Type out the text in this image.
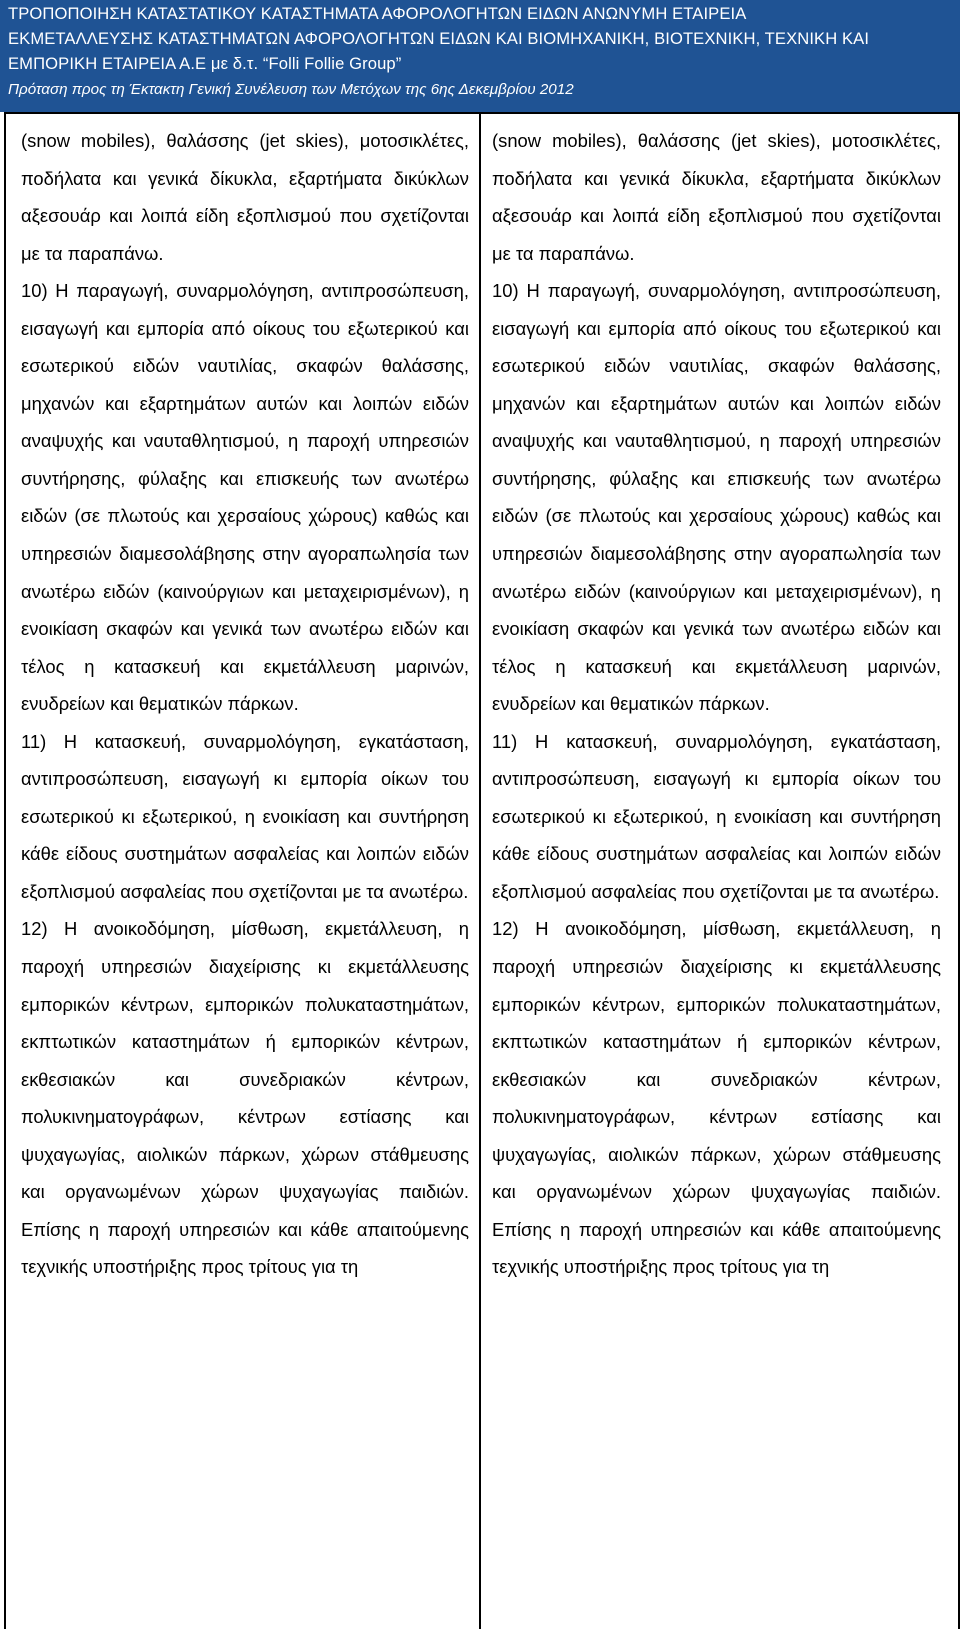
ΤΡΟΠΟΠΟΙΗΣΗ ΚΑΤΑΣΤΑΤΙΚΟΥ ΚΑΤΑΣΤΗΜΑΤΑ ΑΦΟΡΟΛΟΓΗΤΩΝ ΕΙΔΩΝ ΑΝΩΝΥΜΗ ΕΤΑΙΡΕΙΑ
ΕΚΜΕΤΑΛΛΕΥΣΗΣ ΚΑΤΑΣΤΗΜΑΤΩΝ ΑΦΟΡΟΛΟΓΗΤΩΝ ΕΙΔΩΝ ΚΑΙ ΒΙΟΜΗΧΑΝΙΚΗ, ΒΙΟΤΕΧΝΙΚΗ, ΤΕΧΝΙΚΗ ΚΑΙ
ΕΜΠΟΡΙΚΗ ΕΤΑΙΡΕΙΑ Α.Ε με δ.τ. “Folli Follie Group”
Πρόταση προς τη Έκτακτη Γενική Συνέλευση των Μετόχων της 6ης Δεκεμβρίου 2012

(snow mobiles), θαλάσσης (jet skies), μοτοσικλέτες, ποδήλατα και γενικά δίκυκλα, εξαρτήματα δικύκλων αξεσουάρ και λοιπά είδη εξοπλισμού που σχετίζονται με τα παραπάνω.

10) Η παραγωγή, συναρμολόγηση, αντιπροσώπευση, εισαγωγή και εμπορία από οίκους του εξωτερικού και εσωτερικού ειδών ναυτιλίας, σκαφών θαλάσσης, μηχανών και εξαρτημάτων αυτών και λοιπών ειδών αναψυχής και ναυταθλητισμού, η παροχή υπηρεσιών συντήρησης, φύλαξης και επισκευής των ανωτέρω ειδών (σε πλωτούς και χερσαίους χώρους) καθώς και υπηρεσιών διαμεσολάβησης στην αγοραπωλησία των ανωτέρω ειδών (καινούργιων και μεταχειρισμένων), η ενοικίαση σκαφών και γενικά των ανωτέρω ειδών και τέλος η κατασκευή και εκμετάλλευση μαρινών, ενυδρείων και θεματικών πάρκων.

11) Η κατασκευή, συναρμολόγηση, εγκατάσταση, αντιπροσώπευση, εισαγωγή κι εμπορία οίκων του εσωτερικού κι εξωτερικού, η ενοικίαση και συντήρηση κάθε είδους συστημάτων ασφαλείας και λοιπών ειδών εξοπλισμού ασφαλείας που σχετίζονται με τα ανωτέρω.

12) Η ανοικοδόμηση, μίσθωση, εκμετάλλευση, η παροχή υπηρεσιών διαχείρισης κι εκμετάλλευσης εμπορικών κέντρων, εμπορικών πολυκαταστημάτων, εκπτωτικών καταστημάτων ή εμπορικών κέντρων, εκθεσιακών και συνεδριακών κέντρων, πολυκινηματογράφων, κέντρων εστίασης και ψυχαγωγίας, αιολικών πάρκων, χώρων στάθμευσης και οργανωμένων χώρων ψυχαγωγίας παιδιών. Επίσης η παροχή υπηρεσιών και κάθε απαιτούμενης τεχνικής υποστήριξης προς τρίτους για τη

(snow mobiles), θαλάσσης (jet skies), μοτοσικλέτες, ποδήλατα και γενικά δίκυκλα, εξαρτήματα δικύκλων αξεσουάρ και λοιπά είδη εξοπλισμού που σχετίζονται με τα παραπάνω.

10) Η παραγωγή, συναρμολόγηση, αντιπροσώπευση, εισαγωγή και εμπορία από οίκους του εξωτερικού και εσωτερικού ειδών ναυτιλίας, σκαφών θαλάσσης, μηχανών και εξαρτημάτων αυτών και λοιπών ειδών αναψυχής και ναυταθλητισμού, η παροχή υπηρεσιών συντήρησης, φύλαξης και επισκευής των ανωτέρω ειδών (σε πλωτούς και χερσαίους χώρους) καθώς και υπηρεσιών διαμεσολάβησης στην αγοραπωλησία των ανωτέρω ειδών (καινούργιων και μεταχειρισμένων), η ενοικίαση σκαφών και γενικά των ανωτέρω ειδών και τέλος η κατασκευή και εκμετάλλευση μαρινών, ενυδρείων και θεματικών πάρκων.

11) Η κατασκευή, συναρμολόγηση, εγκατάσταση, αντιπροσώπευση, εισαγωγή κι εμπορία οίκων του εσωτερικού κι εξωτερικού, η ενοικίαση και συντήρηση κάθε είδους συστημάτων ασφαλείας και λοιπών ειδών εξοπλισμού ασφαλείας που σχετίζονται με τα ανωτέρω.

12) Η ανοικοδόμηση, μίσθωση, εκμετάλλευση, η παροχή υπηρεσιών διαχείρισης κι εκμετάλλευσης εμπορικών κέντρων, εμπορικών πολυκαταστημάτων, εκπτωτικών καταστημάτων ή εμπορικών κέντρων, εκθεσιακών και συνεδριακών κέντρων, πολυκινηματογράφων, κέντρων εστίασης και ψυχαγωγίας, αιολικών πάρκων, χώρων στάθμευσης και οργανωμένων χώρων ψυχαγωγίας παιδιών. Επίσης η παροχή υπηρεσιών και κάθε απαιτούμενης τεχνικής υποστήριξης προς τρίτους για τη
